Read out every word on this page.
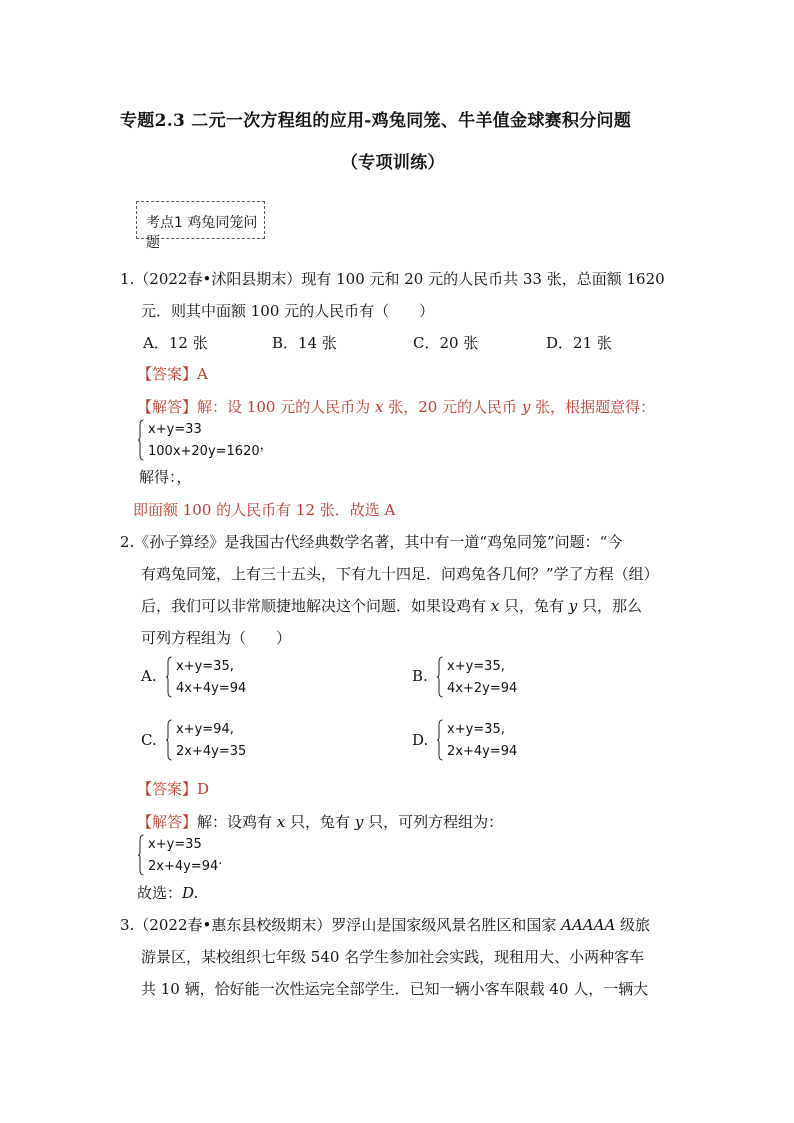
专题2.3 二元一次方程组的应用-鸡兔同笼、牛羊值金球赛积分问题
（专项训练）
考点1 鸡兔同笼问题
1.（2022春•沭阳县期末）现有 100 元和 20 元的人民币共 33 张，总面额 1620
元．则其中面额 100 元的人民币有（　　）
A．12 张	B．14 张	C．20 张	D．21 张
【答案】A
【解答】解：设 100 元的人民币为 x 张，20 元的人民币 y 张，根据题意得：
x+y=33
100x+20y=1620，
解得：，
即面额 100 的人民币有 12 张．故选 A
2.《孙子算经》是我国古代经典数学名著，其中有一道“鸡兔同笼”问题：“今
有鸡兔同笼，上有三十五头，下有九十四足．问鸡兔各几何？”学了方程（组）
后，我们可以非常顺捷地解决这个问题．如果设鸡有 x 只，兔有 y 只，那么
可列方程组为（　　）
A.
x+y=35,
4x+4y=94
B.
x+y=35,
4x+2y=94
C.
x+y=94,
2x+4y=35
D.
x+y=35,
2x+4y=94
【答案】D
【解答】解：设鸡有 x 只，兔有 y 只，可列方程组为：
x+y=35
2x+4y=94.
故选：D.
3.（2022春•惠东县校级期末）罗浮山是国家级风景名胜区和国家 AAAAA 级旅
游景区，某校组织七年级 540 名学生参加社会实践，现租用大、小两种客车
共 10 辆，恰好能一次性运完全部学生．已知一辆小客车限载 40 人，一辆大
